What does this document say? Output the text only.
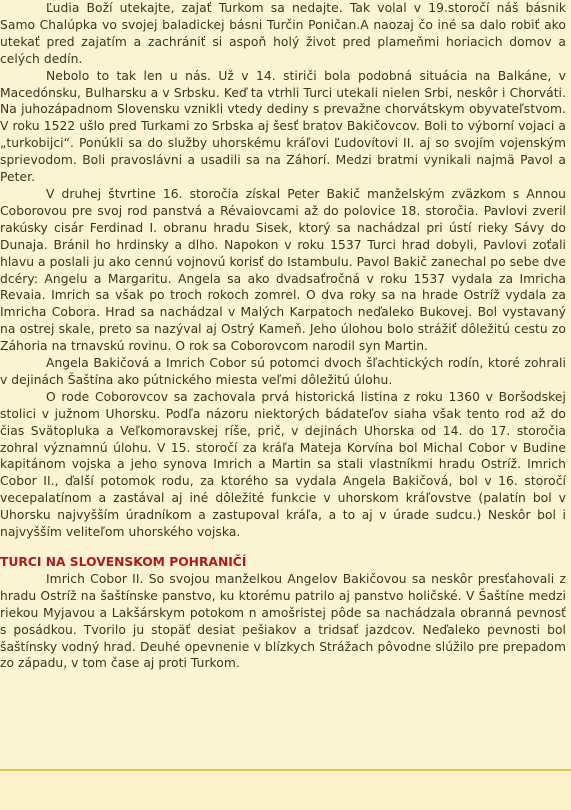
Ľudia Boží utekajte, zajať Turkom sa nedajte. Tak volal v 19.storočí náš básnik Samo Chalúpka vo svojej baladickej básni Turčin Poničan.A naozaj čo iné sa dalo robiť ako utekať pred zajatím a zachrániť si aspoň holý život pred plameňmi horiacich domov a celých dedín.

Nebolo to tak len u nás. Už v 14. stiriči bola podobná situácia na Balkáne, v Macedónsku, Bulharsku a v Srbsku. Keď ta vtrhli Turci utekali nielen Srbi, neskôr i Chorváti. Na juhozápadnom Slovensku vznikli vtedy dediny s prevažne chorvátskym obyvateľstvom. V roku 1522 ušlo pred Turkami zo Srbska aj šesť bratov Bakičovcov. Boli to výborní vojaci a „turkobijci“. Ponúkli sa do služby uhorskému kráľovi Ľudovítovi II. aj so svojím vojenským sprievodom. Boli pravoslávni a usadili sa na Záhorí. Medzi bratmi vynikali najmä Pavol a Peter.

V druhej štvrtine 16. storočia získal Peter Bakič manželským zväzkom s Annou Coborovou pre svoj rod panstvá a Révaiovcami až do polovice 18. storočia. Pavlovi zveril rakúsky cisár Ferdinad I. obranu hradu Sisek, ktorý sa nachádzal pri ústí rieky Sávy do Dunaja. Bránil ho hrdinsky a dlho. Napokon v roku 1537 Turci hrad dobyli, Pavlovi zoťali hlavu a poslali ju ako cennú vojnovú korisť do Istambulu. Pavol Bakič zanechal po sebe dve dcéry: Angelu a Margaritu. Angela sa ako dvadsaťročná v roku 1537 vydala za Imricha Revaia. Imrich sa však po troch rokoch zomrel. O dva roky sa na hrade Ostríž vydala za Imricha Cobora. Hrad sa nachádzal v Malých Karpatoch neďaleko Bukovej. Bol vystavaný na ostrej skale, preto sa nazýval aj Ostrý Kameň. Jeho úlohou bolo strážiť dôležitú cestu zo Záhoria na trnavskú rovinu. O rok sa Coborovcom narodil syn Martin.

Angela Bakičová a Imrich Cobor sú potomci dvoch šľachtických rodín, ktoré zohrali v dejinách Šaštína ako pútnického miesta veľmi dôležitú úlohu.

O rode Coborovcov sa zachovala prvá historická listina z roku 1360 v Boršodskej stolici v južnom Uhorsku. Podľa názoru niektorých bádateľov siaha však tento rod až do čias Svätopluka a Veľkomoravskej ríše, prič, v dejinách Uhorska od 14. do 17. storočia zohral významnú úlohu. V 15. storočí za kráľa Mateja Korvína bol Michal Cobor v Budine kapitánom vojska a jeho synova Imrich a Martin sa stali vlastníkmi hradu Ostríž. Imrich Cobor II., ďalší potomok rodu, za ktorého sa vydala Angela Bakičová, bol v 16. storočí vecepalatínom a zastával aj iné dôležité funkcie v uhorskom kráľovstve (palatín bol v Uhorsku najvyšším úradníkom a zastupoval kráľa, a to aj v úrade sudcu.) Neskôr bol i najvyšším veliteľom uhorského vojska.

TURCI NA SLOVENSKOM POHRANIČÍ

Imrich Cobor II. So svojou manželkou Angelov Bakičovou sa neskôr presťahovali z hradu Ostríž na šaštínske panstvo, ku ktorému patrilo aj panstvo holičské. V Šaštíne medzi riekou Myjavou a Lakšárskym potokom n amošristej pôde sa nachádzala obranná pevnosť s posádkou. Tvorilo ju stopäť desiat pešiakov a tridsať jazdcov. Neďaleko pevnosti bol šaštínsky vodný hrad. Deuhé opevnenie v blízkych Strážach pôvodne slúžilo pre prepadom zo západu, v tom čase aj proti Turkom.
